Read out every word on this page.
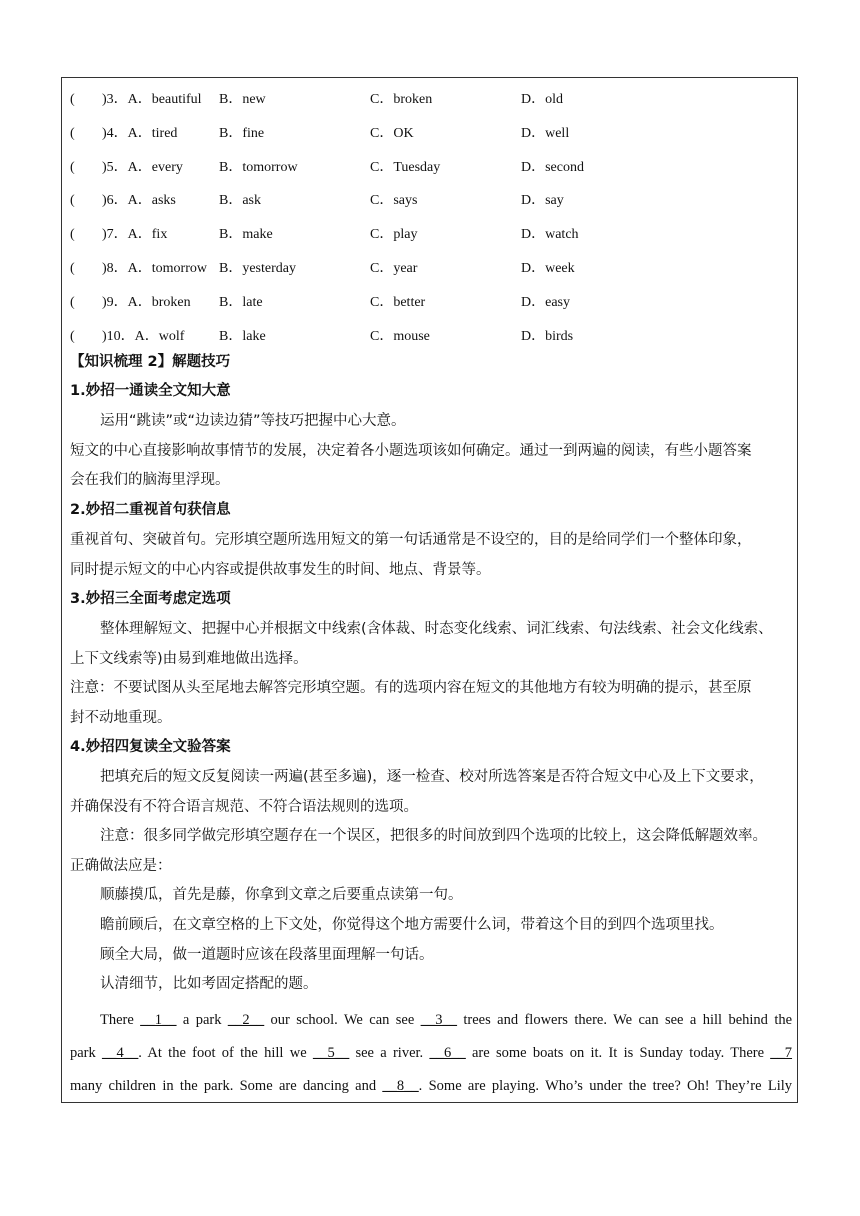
( )3．A．beautiful B．new	C．broken	D．old
( )4．A．tired	B．fine	C．OK	D．well
( )5．A．every	B．tomorrow	C．Tuesday	D．second
( )6．A．asks	B．ask	C．says	D．say
( )7．A．fix	B．make	C．play	D．watch
( )8．A．tomorrow B．yesterday	C．year	D．week
( )9．A．broken B．late	C．better	D．easy
( )10．A．wolf B．lake	C．mouse	D．birds
【知识梳理 2】解题技巧
1.妙招一通读全文知大意
运用“跳读”或“边读边猜”等技巧把握中心大意。
短文的中心直接影响故事情节的发展，决定着各小题选项该如何确定。通过一到两遍的阅读，有些小题答案
会在我们的脑海里浮现。
2.妙招二重视首句获信息
重视首句、突破首句。完形填空题所选用短文的第一句话通常是不设空的，目的是给同学们一个整体印象，
同时提示短文的中心内容或提供故事发生的时间、地点、背景等。
3.妙招三全面考虑定选项
整体理解短文、把握中心并根据文中线索(含体裁、时态变化线索、词汇线索、句法线索、社会文化线索、
上下文线索等)由易到难地做出选择。
注意：不要试图从头至尾地去解答完形填空题。有的选项内容在短文的其他地方有较为明确的提示，甚至原
封不动地重现。
4.妙招四复读全文验答案
把填充后的短文反复阅读一两遍(甚至多遍)，逐一检查、校对所选答案是否符合短文中心及上下文要求，
并确保没有不符合语言规范、不符合语法规则的选项。
注意：很多同学做完形填空题存在一个误区，把很多的时间放到四个选项的比较上，这会降低解题效率。
正确做法应是：
顺藤摸瓜，首先是藤，你拿到文章之后要重点读第一句。
瞻前顾后，在文章空格的上下文处，你觉得这个地方需要什么词，带着这个目的到四个选项里找。
顾全大局，做一道题时应该在段落里面理解一句话。
认清细节，比如考固定搭配的题。
There __1__ a park __2__ our school. We can see __3__ trees and flowers there. We can see a hill behind the
park __4__. At the foot of the hill we __5__ see a river. __6__ are some boats on it. It is Sunday today. There __7
many children in the park. Some are dancing and __8__. Some are playing. Who’s under the tree? Oh! They’re Lily
